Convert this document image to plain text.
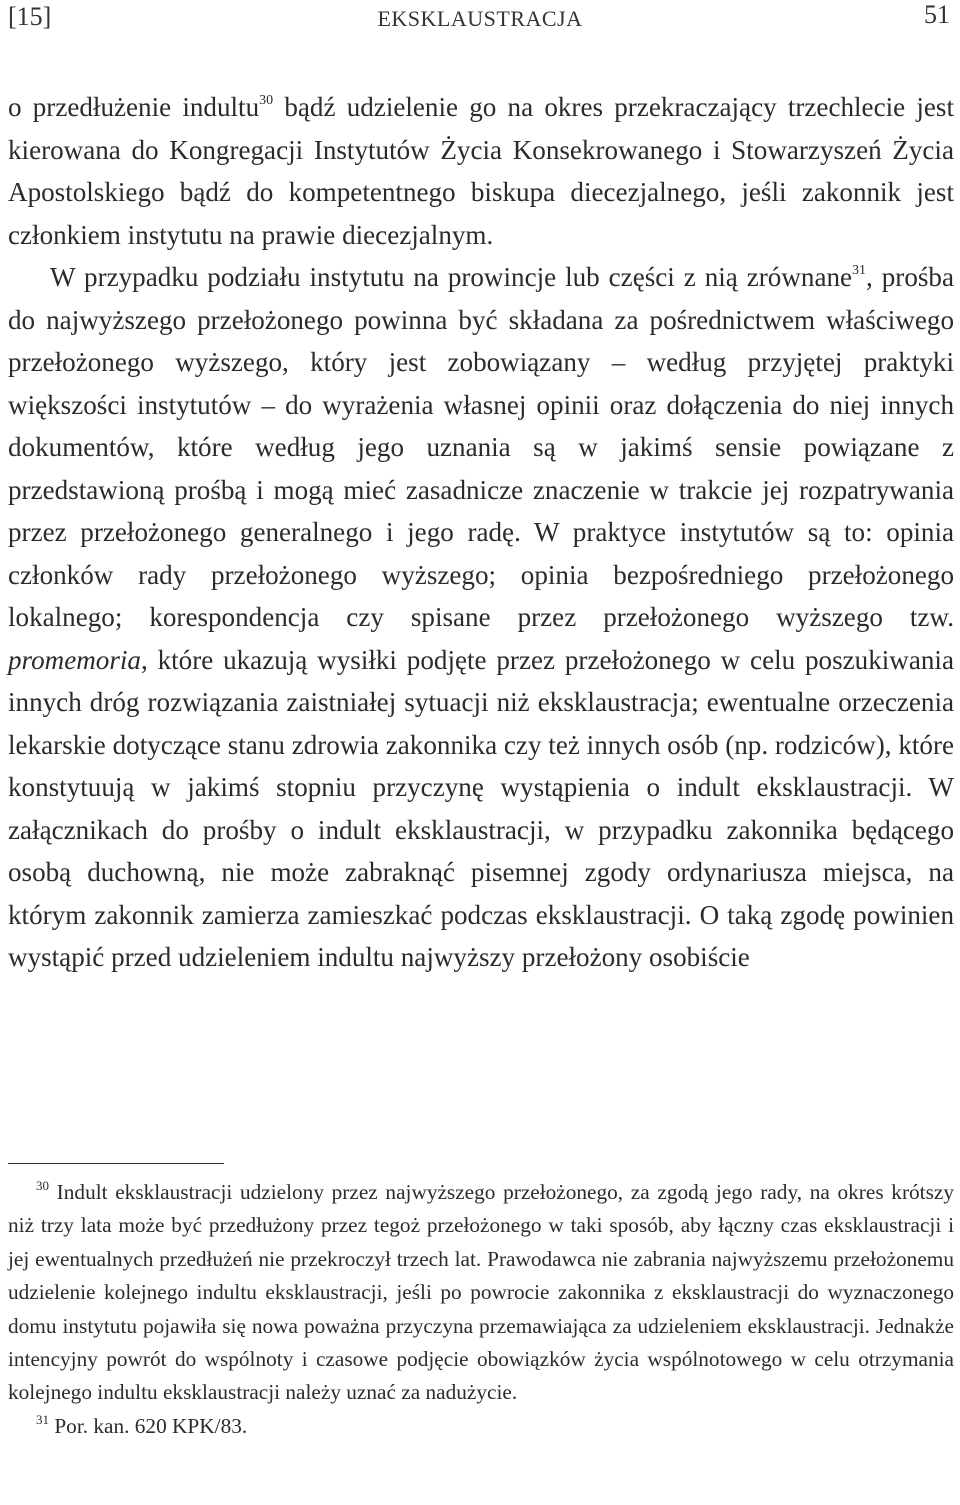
[15]	EKSKLAUSTRACJA	51

o przedłużenie indultu$^{30}$ bądź udzielenie go na okres przekraczający trzechlecie jest kierowana do Kongregacji Instytutów Życia Konsekrowanego i Stowarzyszeń Życia Apostolskiego bądź do kompetentnego biskupa diecezjalnego, jeśli zakonnik jest członkiem instytutu na prawie diecezjalnym.

W przypadku podziału instytutu na prowincje lub części z nią zrównane$^{31}$, prośba do najwyższego przełożonego powinna być składana za pośrednictwem właściwego przełożonego wyższego, który jest zobowiązany – według przyjętej praktyki większości instytutów – do wyrażenia własnej opinii oraz dołączenia do niej innych dokumentów, które według jego uznania są w jakimś sensie powiązane z przedstawioną prośbą i mogą mieć zasadnicze znaczenie w trakcie jej rozpatrywania przez przełożonego generalnego i jego radę. W praktyce instytutów są to: opinia członków rady przełożonego wyższego; opinia bezpośredniego przełożonego lokalnego; korespondencja czy spisane przez przełożonego wyższego tzw. promemoria, które ukazują wysiłki podjęte przez przełożonego w celu poszukiwania innych dróg rozwiązania zaistniałej sytuacji niż eksklaustracja; ewentualne orzeczenia lekarskie dotyczące stanu zdrowia zakonnika czy też innych osób (np. rodziców), które konstytuują w jakimś stopniu przyczynę wystąpienia o indult eksklaustracji. W załącznikach do prośby o indult eksklaustracji, w przypadku zakonnika będącego osobą duchowną, nie może zabraknąć pisemnej zgody ordynariusza miejsca, na którym zakonnik zamierza zamieszkać podczas eksklaustracji. O taką zgodę powinien wystąpić przed udzieleniem indultu najwyższy przełożony osobiście

$^{30}$ Indult eksklaustracji udzielony przez najwyższego przełożonego, za zgodą jego rady, na okres krótszy niż trzy lata może być przedłużony przez tegoż przełożonego w taki sposób, aby łączny czas eksklaustracji i jej ewentualnych przedłużeń nie przekroczył trzech lat. Prawodawca nie zabrania najwyższemu przełożonemu udzielenie kolejnego indultu eksklaustracji, jeśli po powrocie zakonnika z eksklaustracji do wyznaczonego domu instytutu pojawiła się nowa poważna przyczyna przemawiająca za udzieleniem eksklaustracji. Jednakże intencyjny powrót do wspólnoty i czasowe podjęcie obowiązków życia wspólnotowego w celu otrzymania kolejnego indultu eksklaustracji należy uznać za nadużycie.

$^{31}$ Por. kan. 620 KPK/83.
